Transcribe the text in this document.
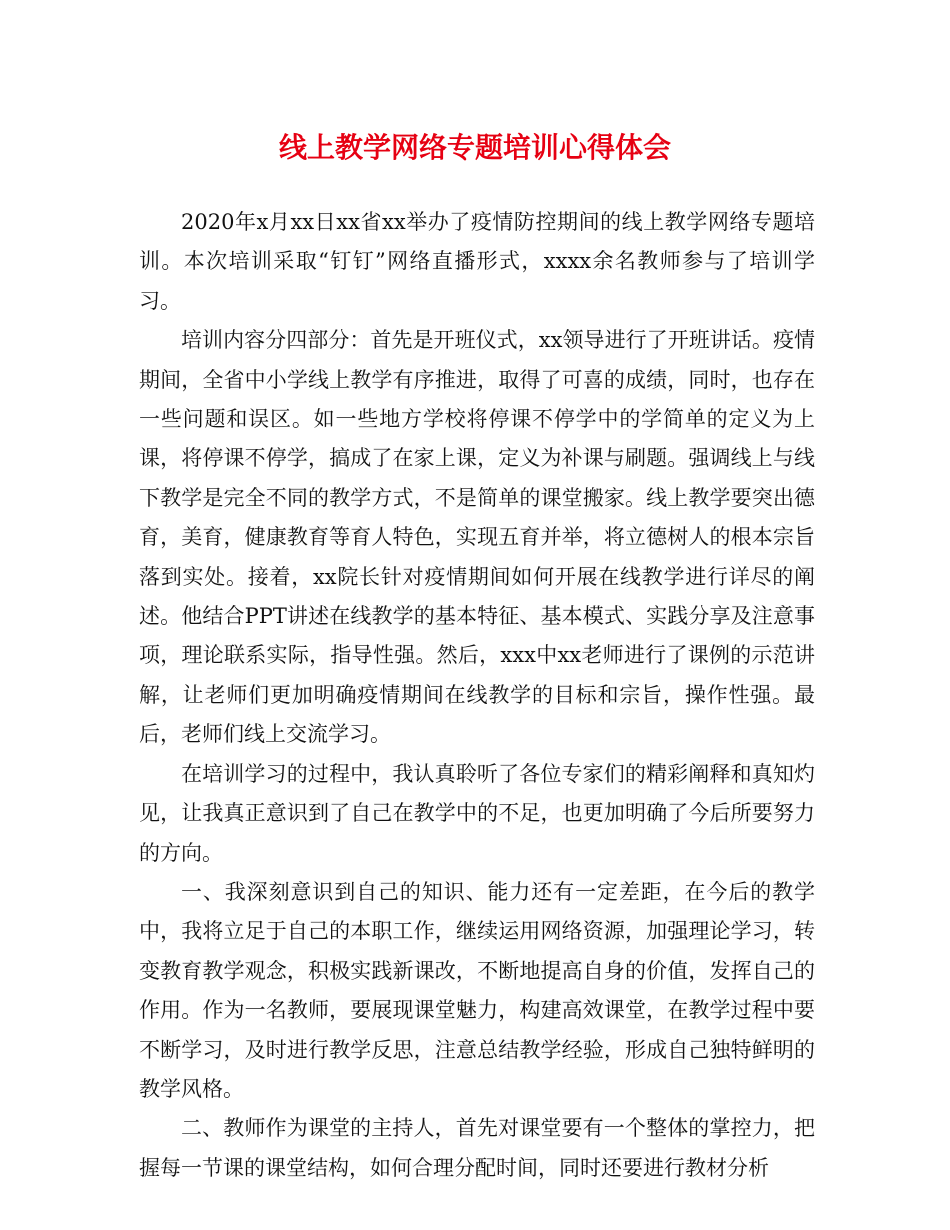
线上教学网络专题培训心得体会

2020年x月xx日xx省xx举办了疫情防控期间的线上教学网络专题培训。本次培训采取“钉钉”网络直播形式，xxxx余名教师参与了培训学习。

培训内容分四部分：首先是开班仪式，xx领导进行了开班讲话。疫情期间，全省中小学线上教学有序推进，取得了可喜的成绩，同时，也存在一些问题和误区。如一些地方学校将停课不停学中的学简单的定义为上课，将停课不停学，搞成了在家上课，定义为补课与刷题。强调线上与线下教学是完全不同的教学方式，不是简单的课堂搬家。线上教学要突出德育，美育，健康教育等育人特色，实现五育并举，将立德树人的根本宗旨落到实处。接着，xx院长针对疫情期间如何开展在线教学进行详尽的阐述。他结合PPT讲述在线教学的基本特征、基本模式、实践分享及注意事项，理论联系实际，指导性强。然后，xxx中xx老师进行了课例的示范讲解，让老师们更加明确疫情期间在线教学的目标和宗旨，操作性强。最后，老师们线上交流学习。

在培训学习的过程中，我认真聆听了各位专家们的精彩阐释和真知灼见，让我真正意识到了自己在教学中的不足，也更加明确了今后所要努力的方向。

一、我深刻意识到自己的知识、能力还有一定差距，在今后的教学中，我将立足于自己的本职工作，继续运用网络资源，加强理论学习，转变教育教学观念，积极实践新课改，不断地提高自身的价值，发挥自己的作用。作为一名教师，要展现课堂魅力，构建高效课堂，在教学过程中要不断学习，及时进行教学反思，注意总结教学经验，形成自己独特鲜明的教学风格。

二、教师作为课堂的主持人，首先对课堂要有一个整体的掌控力，把握每一节课的课堂结构，如何合理分配时间，同时还要进行教材分析
